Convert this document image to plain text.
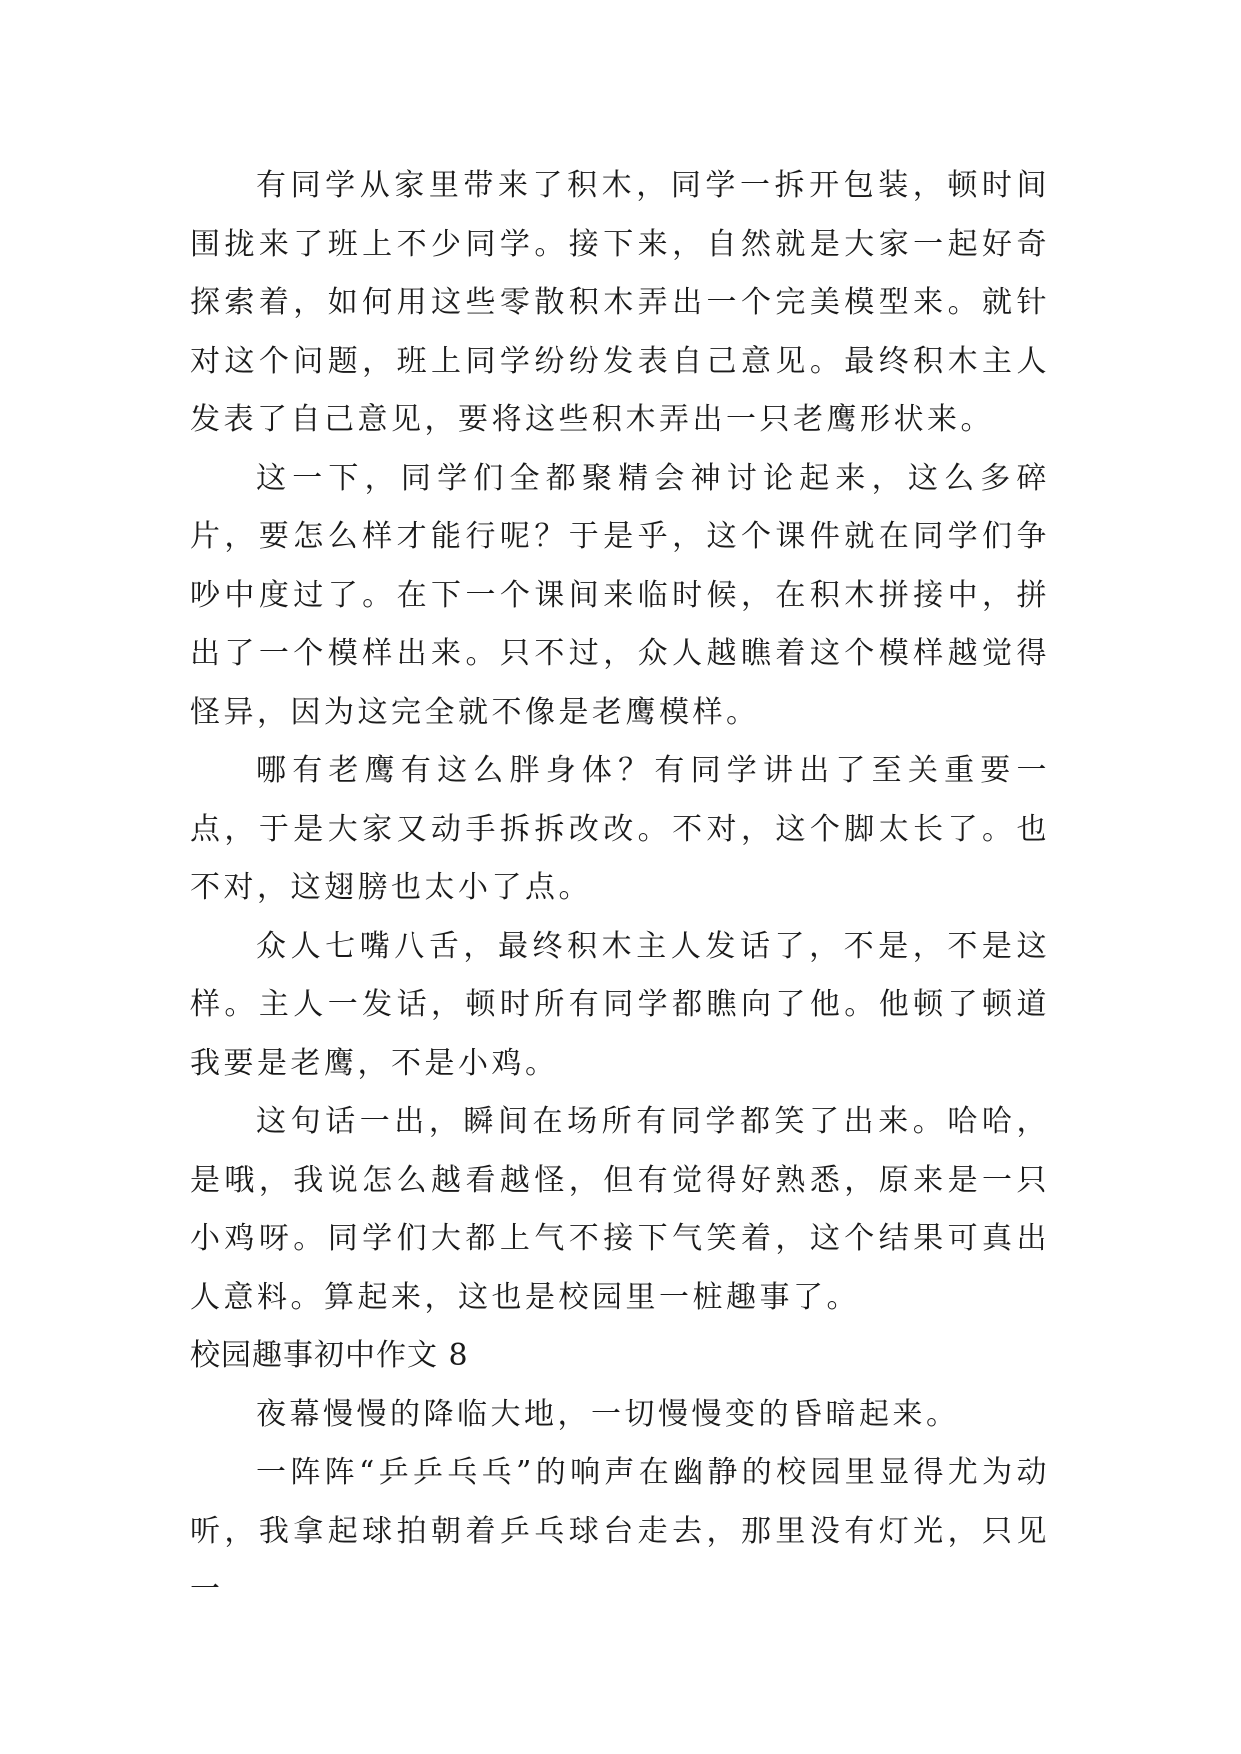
有同学从家里带来了积木，同学一拆开包装，顿时间围拢来了班上不少同学。接下来，自然就是大家一起好奇探索着，如何用这些零散积木弄出一个完美模型来。就针对这个问题，班上同学纷纷发表自己意见。最终积木主人发表了自己意见，要将这些积木弄出一只老鹰形状来。

这一下，同学们全都聚精会神讨论起来，这么多碎片，要怎么样才能行呢？于是乎，这个课件就在同学们争吵中度过了。在下一个课间来临时候，在积木拼接中，拼出了一个模样出来。只不过，众人越瞧着这个模样越觉得怪异，因为这完全就不像是老鹰模样。

哪有老鹰有这么胖身体？有同学讲出了至关重要一点，于是大家又动手拆拆改改。不对，这个脚太长了。也不对，这翅膀也太小了点。

众人七嘴八舌，最终积木主人发话了，不是，不是这样。主人一发话，顿时所有同学都瞧向了他。他顿了顿道我要是老鹰，不是小鸡。

这句话一出，瞬间在场所有同学都笑了出来。哈哈，是哦，我说怎么越看越怪，但有觉得好熟悉，原来是一只小鸡呀。同学们大都上气不接下气笑着，这个结果可真出人意料。算起来，这也是校园里一桩趣事了。

校园趣事初中作文 8

夜幕慢慢的降临大地，一切慢慢变的昏暗起来。

一阵阵“乒乒乓乓”的响声在幽静的校园里显得尤为动听，我拿起球拍朝着乒乓球台走去，那里没有灯光，只见一
